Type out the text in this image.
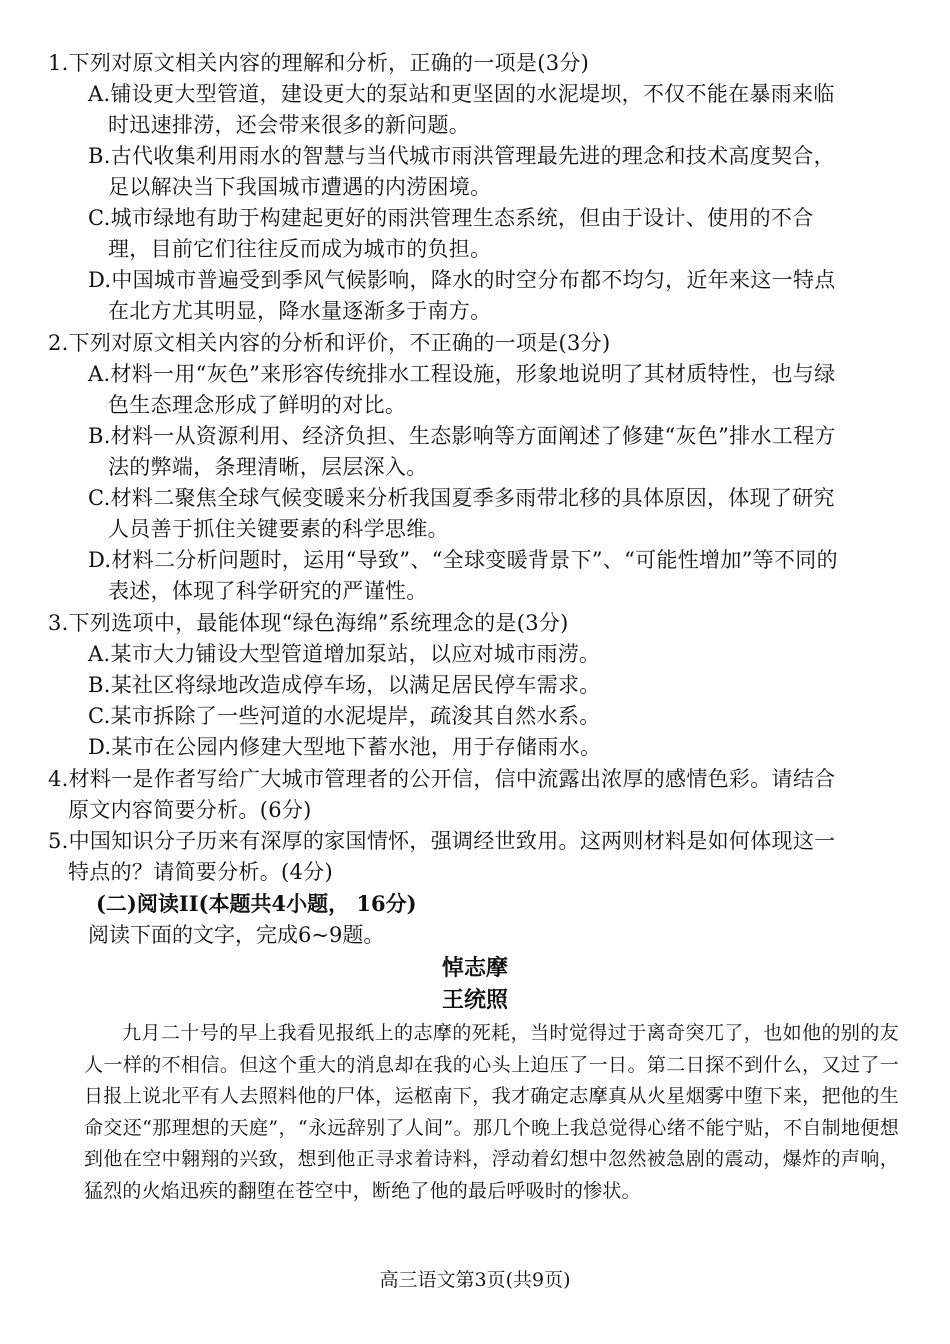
1.下列对原文相关内容的理解和分析，正确的一项是(3分)
A.铺设更大型管道，建设更大的泵站和更坚固的水泥堤坝，不仅不能在暴雨来临
时迅速排涝，还会带来很多的新问题。
B.古代收集利用雨水的智慧与当代城市雨洪管理最先进的理念和技术高度契合，
足以解决当下我国城市遭遇的内涝困境。
C.城市绿地有助于构建起更好的雨洪管理生态系统，但由于设计、使用的不合
理，目前它们往往反而成为城市的负担。
D.中国城市普遍受到季风气候影响，降水的时空分布都不均匀，近年来这一特点
在北方尤其明显，降水量逐渐多于南方。
2.下列对原文相关内容的分析和评价，不正确的一项是(3分)
A.材料一用“灰色”来形容传统排水工程设施，形象地说明了其材质特性，也与绿
色生态理念形成了鲜明的对比。
B.材料一从资源利用、经济负担、生态影响等方面阐述了修建“灰色”排水工程方
法的弊端，条理清晰，层层深入。
C.材料二聚焦全球气候变暖来分析我国夏季多雨带北移的具体原因，体现了研究
人员善于抓住关键要素的科学思维。
D.材料二分析问题时，运用“导致”、“全球变暖背景下”、“可能性增加”等不同的
表述，体现了科学研究的严谨性。
3.下列选项中，最能体现“绿色海绵”系统理念的是(3分)
A.某市大力铺设大型管道增加泵站，以应对城市雨涝。
B.某社区将绿地改造成停车场，以满足居民停车需求。
C.某市拆除了一些河道的水泥堤岸，疏浚其自然水系。
D.某市在公园内修建大型地下蓄水池，用于存储雨水。
4.材料一是作者写给广大城市管理者的公开信，信中流露出浓厚的感情色彩。请结合
原文内容简要分析。(6分)
5.中国知识分子历来有深厚的家国情怀，强调经世致用。这两则材料是如何体现这一
特点的？请简要分析。(4分)
(二)阅读II(本题共4小题， 16分)
阅读下面的文字，完成6~9题。
悼志摩
王统照
九月二十号的早上我看见报纸上的志摩的死耗，当时觉得过于离奇突兀了，也如他的别的友人一样的不相信。但这个重大的消息却在我的心头上迫压了一日。第二日探不到什么，又过了一日报上说北平有人去照料他的尸体，运柩南下，我才确定志摩真从火星烟雾中堕下来，把他的生命交还“那理想的天庭”，“永远辞别了人间”。那几个晚上我总觉得心绪不能宁贴，不自制地便想到他在空中翱翔的兴致，想到他正寻求着诗料，浮动着幻想中忽然被急剧的震动，爆炸的声响，猛烈的火焰迅疾的翻堕在苍空中，断绝了他的最后呼吸时的惨状。
高三语文第3页(共9页)
